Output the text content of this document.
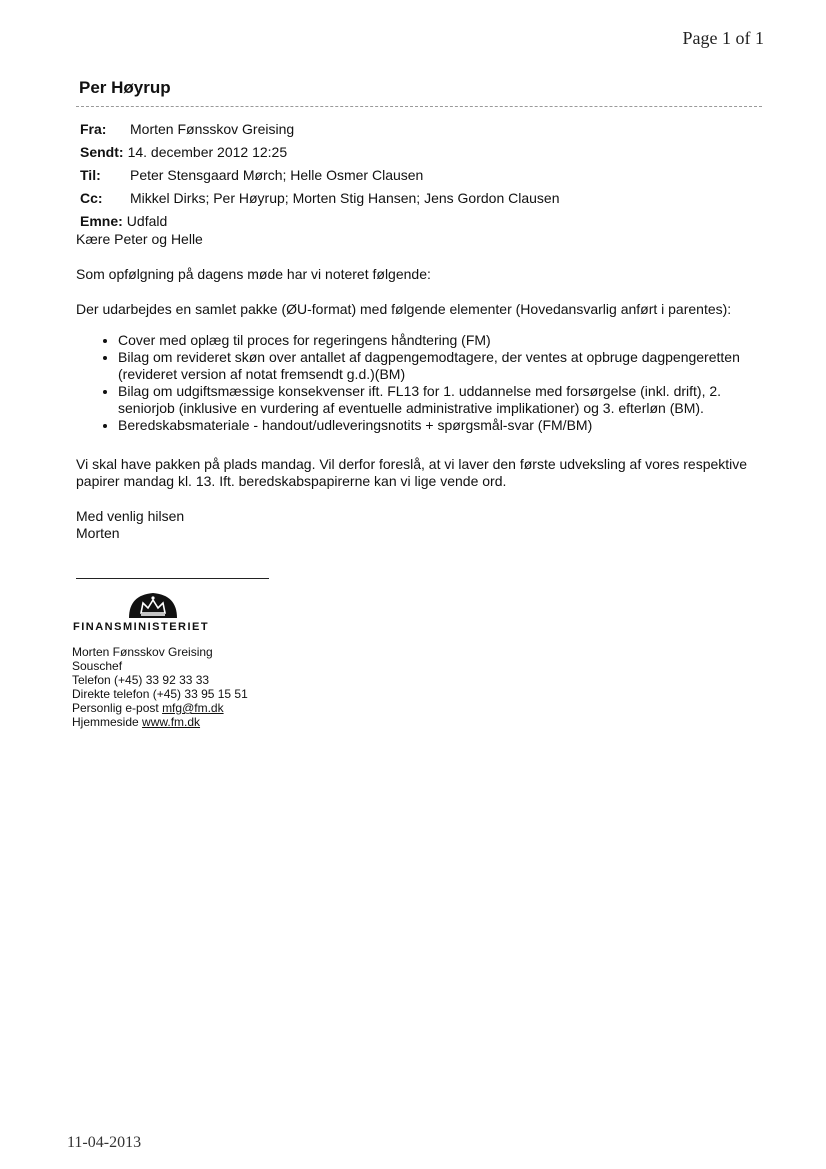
Page 1 of 1
Per Høyrup
Fra:	Morten Fønsskov Greising
Sendt: 14. december 2012 12:25
Til:	Peter Stensgaard Mørch; Helle Osmer Clausen
Cc:	Mikkel Dirks; Per Høyrup; Morten Stig Hansen; Jens Gordon Clausen
Emne: Udfald

Kære Peter og Helle

Som opfølgning på dagens møde har vi noteret følgende:

Der udarbejdes en samlet pakke (ØU-format) med følgende elementer (Hovedansvarlig anført i parentes):

• Cover med oplæg til proces for regeringens håndtering (FM)
• Bilag om revideret skøn over antallet af dagpengemodtagere, der ventes at opbruge dagpengeretten (revideret version af notat fremsendt g.d.)(BM)
• Bilag om udgiftsmæssige konsekvenser ift. FL13 for 1. uddannelse med forsørgelse (inkl. drift), 2. seniorjob (inklusive en vurdering af eventuelle administrative implikationer) og 3. efterløn (BM).
• Beredskabsmateriale - handout/udleveringsnotits + spørgsmål-svar (FM/BM)

Vi skal have pakken på plads mandag. Vil derfor foreslå, at vi laver den første udveksling af vores respektive papirer mandag kl. 13. Ift. beredskabspapirerne kan vi lige vende ord.

Med venlig hilsen

Morten

FINANSMINISTERIET
Morten Fønsskov Greising
Souschef
Telefon (+45) 33 92 33 33
Direkte telefon (+45) 33 95 15 51
Personlig e-post mfg@fm.dk
Hjemmeside www.fm.dk
11-04-2013
